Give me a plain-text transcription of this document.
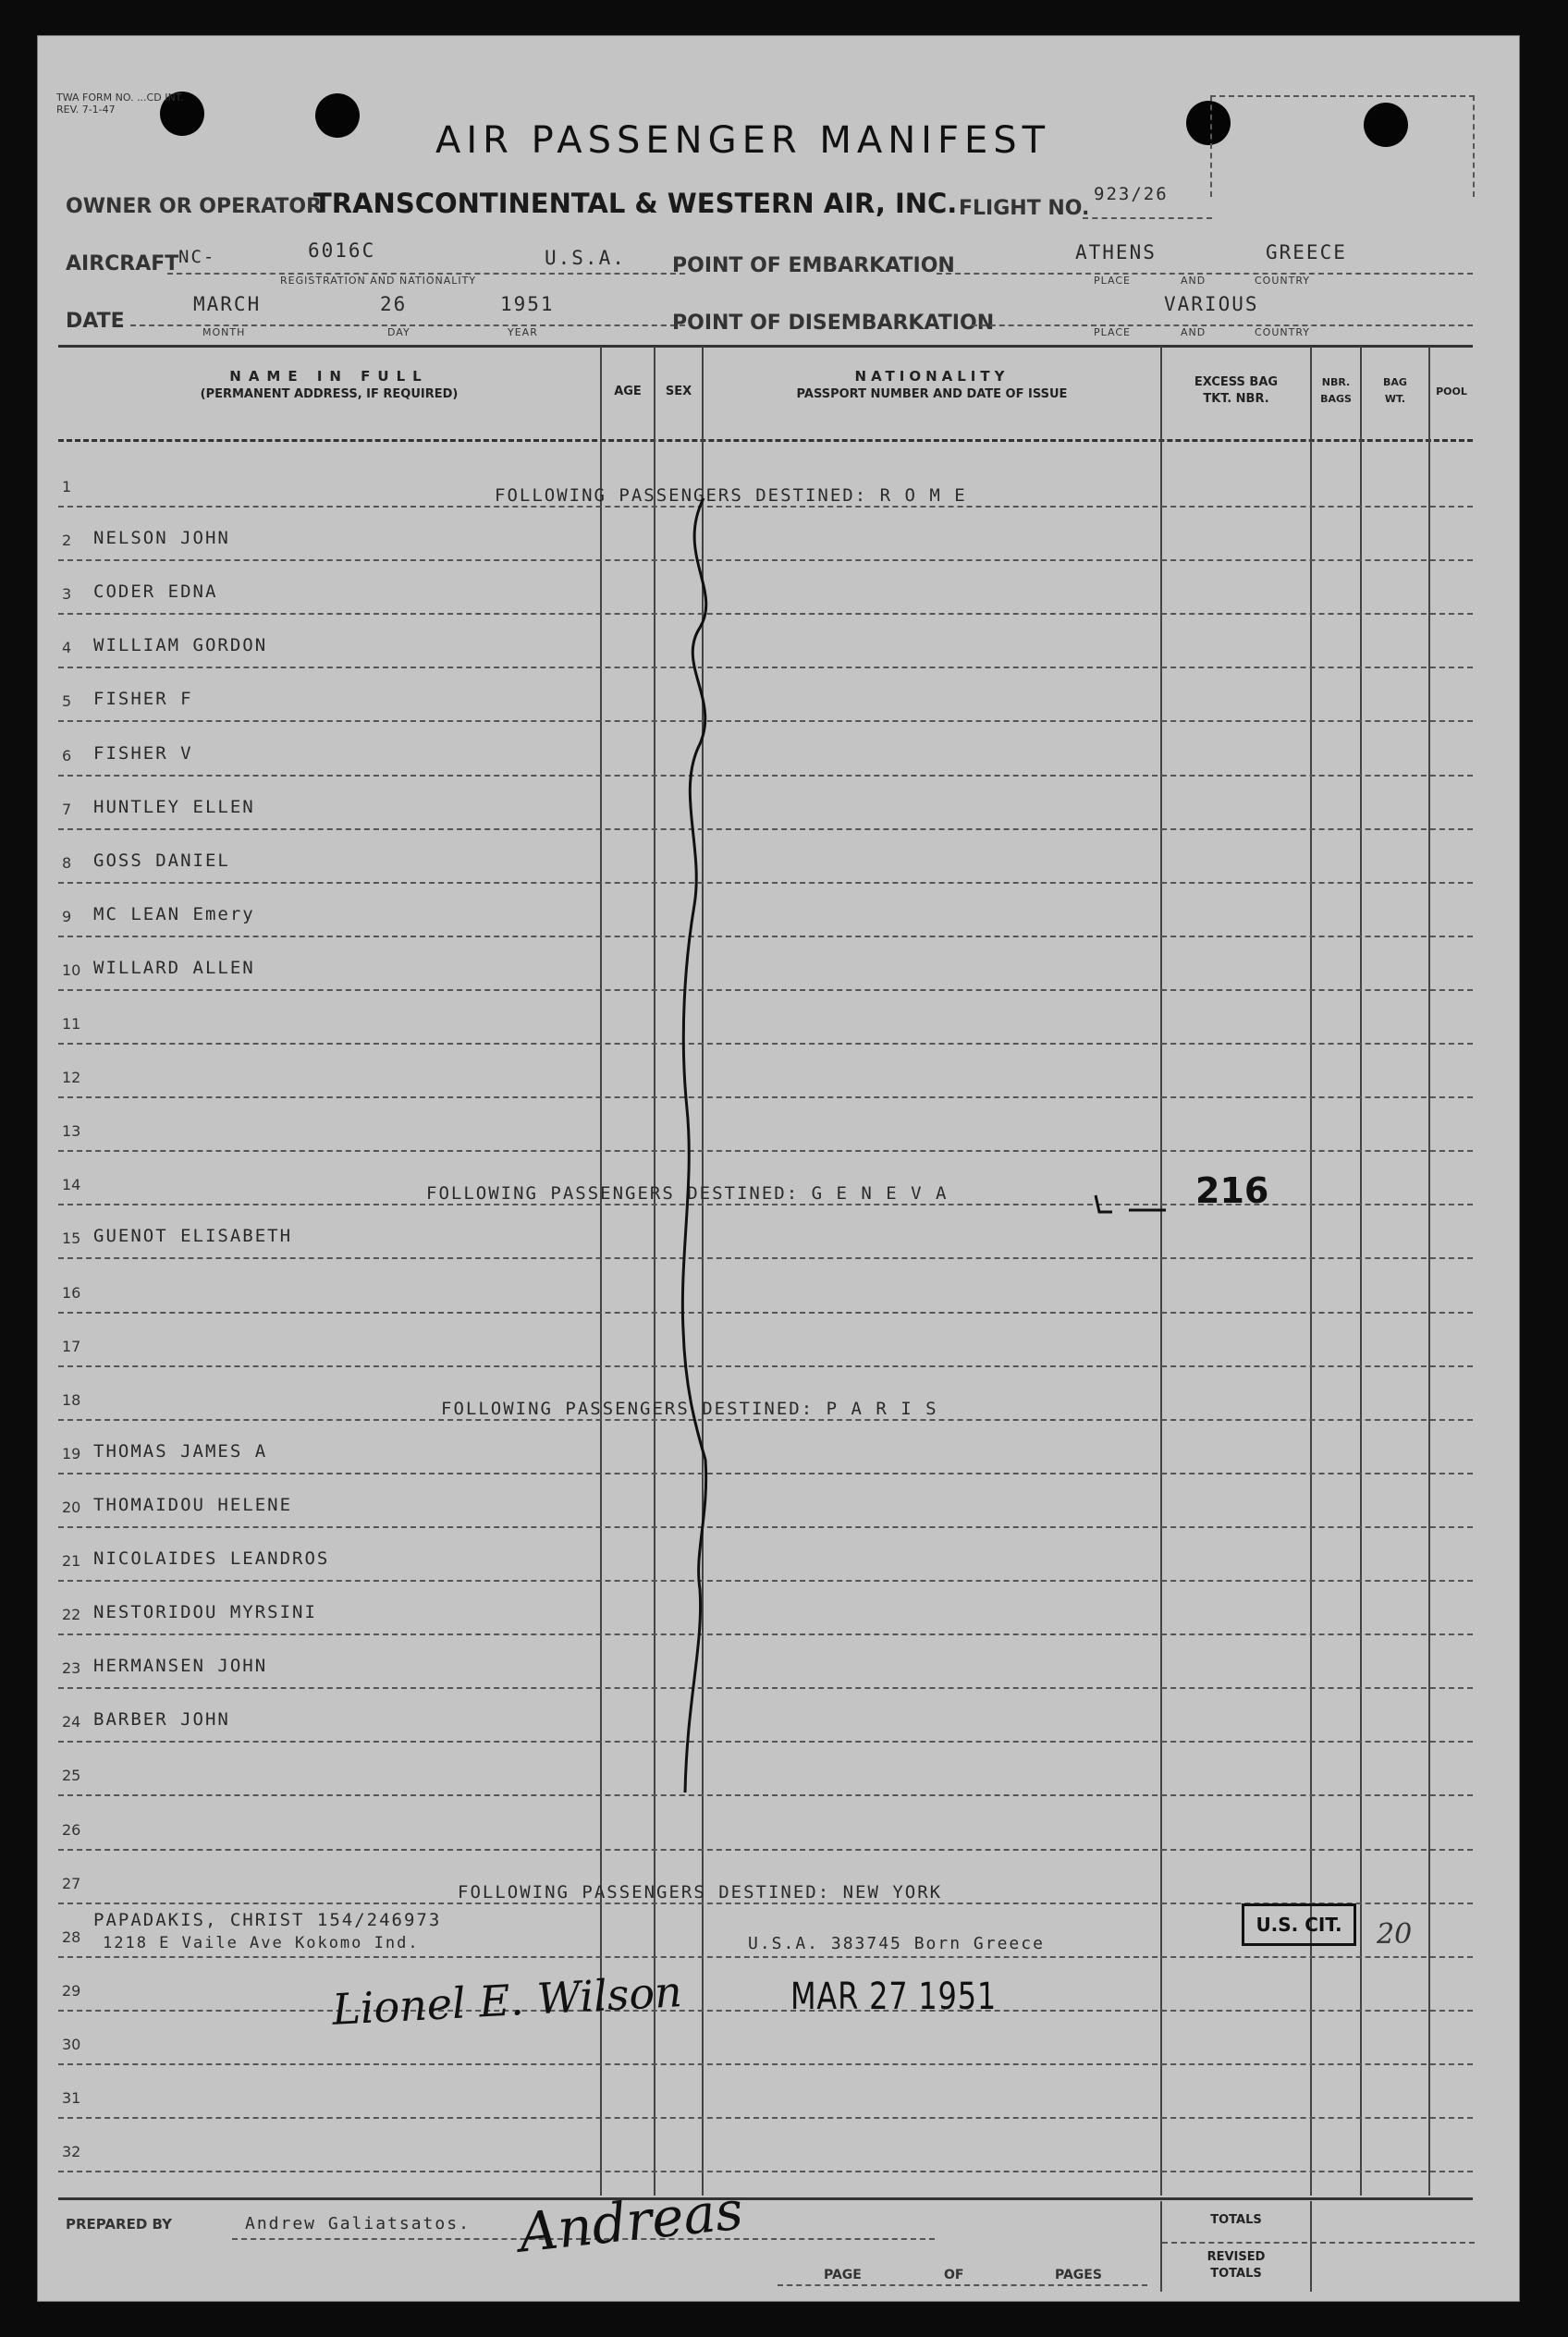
TWA FORM NO. ...CD INT.
REV. 7-1-47
AIR PASSENGER MANIFEST
OWNER OR OPERATOR
TRANSCONTINENTAL & WESTERN AIR, INC. FLIGHT NO.
923/26
AIRCRAFT NC-	6016C	U.S.A.
REGISTRATION AND NATIONALITY
POINT OF EMBARKATION
ATHENS	GREECE
PLACE	AND	COUNTRY
DATE
MARCH	26	1951
MONTH	DAY	YEAR	POINT OF DISEMBARKATION
VARIOUS
PLACE	AND	COUNTRY
NAME IN FULL
(PERMANENT ADDRESS, IF REQUIRED)	AGE	SEX
NATIONALITY
PASSPORT NUMBER AND DATE OF ISSUE
EXCESS BAG
TKT. NBR.
NBR.
BAGS
BAG
WT.
POOL
1	FOLLOWING PASSENGERS DESTINED: R O M E
2 NELSON JOHN
3 CODER EDNA
4 WILLIAM GORDON
5 FISHER F
6 FISHER V
7 HUNTLEY ELLEN
8 GOSS DANIEL
9 MC LEAN Emery
10 WILLARD ALLEN
11
12
13
14	FOLLOWING PASSENGERS DESTINED: G E N E V A	216
15 GUENOT ELISABETH
16
17
18	FOLLOWING PASSENGERS DESTINED: P A R I S
19 THOMAS JAMES A
20 THOMAIDOU HELENE
21 NICOLAIDES LEANDROS
22 NESTORIDOU MYRSINI
23 HERMANSEN JOHN
24 BARBER JOHN
25
26
27	FOLLOWING PASSENGERS DESTINED: NEW YORK
28
PAPADAKIS, CHRIST 154/246973
1218 E Vaile Ave Kokomo Ind.	U.S.A. 383745 Born Greece
29
30
31
32
U.S. CIT.	20
Lionel E. Wilson	MAR 27 1951
PREPARED BY	Andrew Galiatsatos. Andreas
PAGE	OF	PAGES
TOTALS
REVISED
TOTALS
